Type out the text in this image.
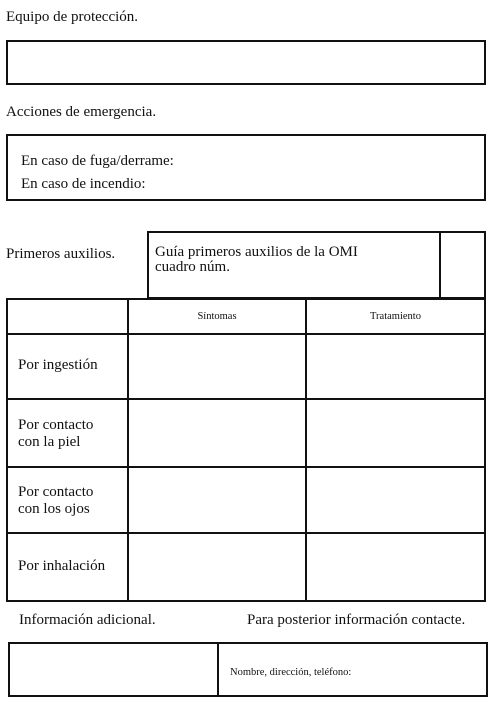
Equipo de protección.
Acciones de emergencia.
En caso de fuga/derrame:
En caso de incendio:
Primeros auxilios.	Guía primeros auxilios de la OMI
cuadro núm.
Síntomas	Tratamiento
Por ingestión
Por contacto
con la piel
Por contacto
con los ojos
Por inhalación
Información adicional.	Para posterior información contacte.
Nombre, dirección, teléfono:
